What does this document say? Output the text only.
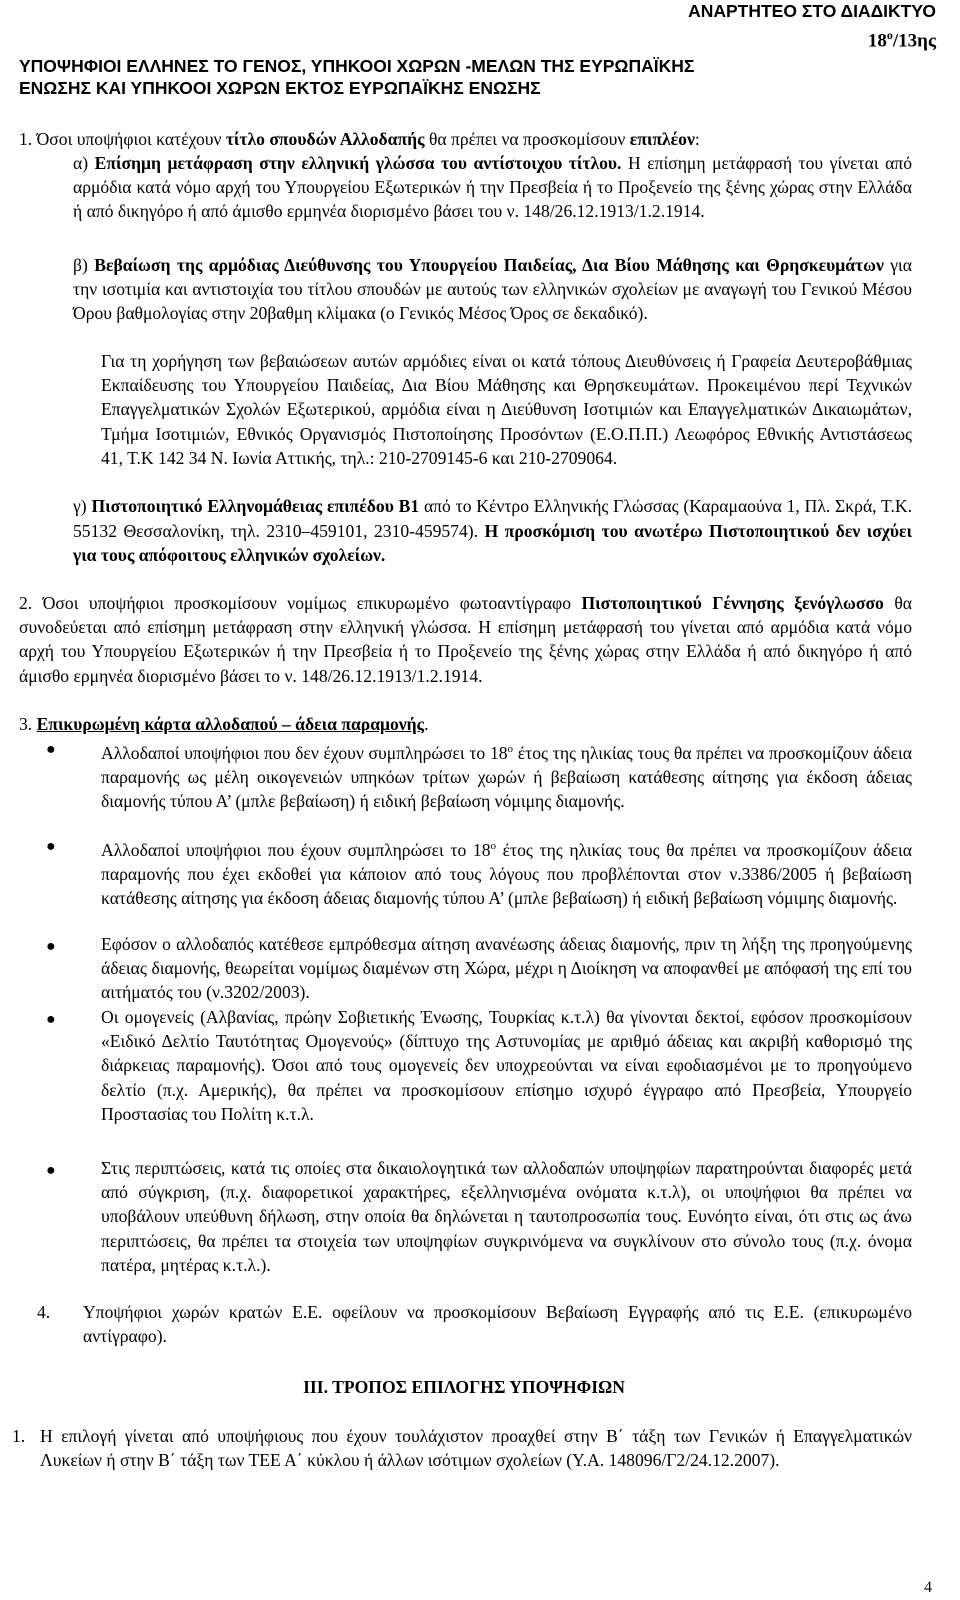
ΑΝΑΡΤΗΤΕΟ ΣΤΟ ΔΙΑΔΙΚΤΥΟ
$18^o/13\eta\varsigma$
ΥΠΟΨΗΦΙΟΙ ΕΛΛΗΝΕΣ ΤΟ ΓΕΝΟΣ, ΥΠΗΚΟΟΙ ΧΩΡΩΝ -ΜΕΛΩΝ ΤΗΣ ΕΥΡΩΠΑΪΚΗΣ
ΕΝΩΣΗΣ ΚΑΙ ΥΠΗΚΟΟΙ ΧΩΡΩΝ ΕΚΤΟΣ ΕΥΡΩΠΑΪΚΗΣ ΕΝΩΣΗΣ
1. Όσοι υποψήφιοι κατέχουν τίτλο σπουδών Αλλοδαπής θα πρέπει να προσκομίσουν επιπλέον:
α) Επίσημη μετάφραση στην ελληνική γλώσσα του αντίστοιχου τίτλου. Η επίσημη μετάφρασή του γίνεται από αρμόδια κατά νόμο αρχή του Υπουργείου Εξωτερικών ή την Πρεσβεία ή το Προξενείο της ξένης χώρας στην Ελλάδα ή από δικηγόρο ή από άμισθο ερμηνέα διορισμένο βάσει του ν. 148/26.12.1913/1.2.1914.
β) Βεβαίωση της αρμόδιας Διεύθυνσης του Υπουργείου Παιδείας, Δια Βίου Μάθησης και Θρησκευμάτων για την ισοτιμία και αντιστοιχία του τίτλου σπουδών με αυτούς των ελληνικών σχολείων με αναγωγή του Γενικού Μέσου Όρου βαθμολογίας στην 20βαθμη κλίμακα (ο Γενικός Μέσος Όρος σε δεκαδικό).
Για τη χορήγηση των βεβαιώσεων αυτών αρμόδιες είναι οι κατά τόπους Διευθύνσεις ή Γραφεία Δευτεροβάθμιας Εκπαίδευσης του Υπουργείου Παιδείας, Δια Βίου Μάθησης και Θρησκευμάτων. Προκειμένου περί Τεχνικών Επαγγελματικών Σχολών Εξωτερικού, αρμόδια είναι η Διεύθυνση Ισοτιμιών και Επαγγελματικών Δικαιωμάτων, Τμήμα Ισοτιμιών, Εθνικός Οργανισμός Πιστοποίησης Προσόντων (Ε.Ο.Π.Π.) Λεωφόρος Εθνικής Αντιστάσεως 41, Τ.Κ 142 34 Ν. Ιωνία Αττικής, τηλ.: 210-2709145-6 και 210-2709064.
γ) Πιστοποιητικό Ελληνομάθειας επιπέδου Β1 από το Κέντρο Ελληνικής Γλώσσας (Καραμαούνα 1, Πλ. Σκρά, Τ.Κ. 55132 Θεσσαλονίκη, τηλ. 2310–459101, 2310-459574). Η προσκόμιση του ανωτέρω Πιστοποιητικού δεν ισχύει για τους απόφοιτους ελληνικών σχολείων.
2. Όσοι υποψήφιοι προσκομίσουν νομίμως επικυρωμένο φωτοαντίγραφο Πιστοποιητικού Γέννησης ξενόγλωσσο θα συνοδεύεται από επίσημη μετάφραση στην ελληνική γλώσσα. Η επίσημη μετάφρασή του γίνεται από αρμόδια κατά νόμο αρχή του Υπουργείου Εξωτερικών ή την Πρεσβεία ή το Προξενείο της ξένης χώρας στην Ελλάδα ή από δικηγόρο ή από άμισθο ερμηνέα διορισμένο βάσει το ν. 148/26.12.1913/1.2.1914.
3. Επικυρωμένη κάρτα αλλοδαπού – άδεια παραμονής.
●	Αλλοδαποί υποψήφιοι που δεν έχουν συμπληρώσει το $18^o$ έτος της ηλικίας τους θα πρέπει να προσκομίζουν άδεια παραμονής ως μέλη οικογενειών υπηκόων τρίτων χωρών ή βεβαίωση κατάθεσης αίτησης για έκδοση άδειας διαμονής τύπου Α’ (μπλε βεβαίωση) ή ειδική βεβαίωση νόμιμης διαμονής.
●	Αλλοδαποί υποψήφιοι που έχουν συμπληρώσει το $18^o$ έτος της ηλικίας τους θα πρέπει να προσκομίζουν άδεια παραμονής που έχει εκδοθεί για κάποιον από τους λόγους που προβλέπονται στον ν.3386/2005 ή βεβαίωση κατάθεσης αίτησης για έκδοση άδειας διαμονής τύπου Α’ (μπλε βεβαίωση) ή ειδική βεβαίωση νόμιμης διαμονής.
●	Εφόσον ο αλλοδαπός κατέθεσε εμπρόθεσμα αίτηση ανανέωσης άδειας διαμονής, πριν τη λήξη της προηγούμενης άδειας διαμονής, θεωρείται νομίμως διαμένων στη Χώρα, μέχρι η Διοίκηση να αποφανθεί με απόφασή της επί του αιτήματός του (ν.3202/2003).
●	Οι ομογενείς (Αλβανίας, πρώην Σοβιετικής Ένωσης, Τουρκίας κ.τ.λ) θα γίνονται δεκτοί, εφόσον προσκομίσουν «Ειδικό Δελτίο Ταυτότητας Ομογενούς» (δίπτυχο της Αστυνομίας με αριθμό άδειας και ακριβή καθορισμό της διάρκειας παραμονής). Όσοι από τους ομογενείς δεν υποχρεούνται να είναι εφοδιασμένοι με το προηγούμενο δελτίο (π.χ. Αμερικής), θα πρέπει να προσκομίσουν επίσημο ισχυρό έγγραφο από Πρεσβεία, Υπουργείο Προστασίας του Πολίτη κ.τ.λ.
●	Στις περιπτώσεις, κατά τις οποίες στα δικαιολογητικά των αλλοδαπών υποψηφίων παρατηρούνται διαφορές μετά από σύγκριση, (π.χ. διαφορετικοί χαρακτήρες, εξελληνισμένα ονόματα κ.τ.λ), οι υποψήφιοι θα πρέπει να υποβάλουν υπεύθυνη δήλωση, στην οποία θα δηλώνεται η ταυτοπροσωπία τους. Ευνόητο είναι, ότι στις ως άνω περιπτώσεις, θα πρέπει τα στοιχεία των υποψηφίων συγκρινόμενα να συγκλίνουν στο σύνολο τους (π.χ. όνομα πατέρα, μητέρας κ.τ.λ.).
4. Υποψήφιοι χωρών κρατών Ε.Ε. οφείλουν να προσκομίσουν Βεβαίωση Εγγραφής από τις Ε.Ε. (επικυρωμένο αντίγραφο).
ΙΙΙ. ΤΡΟΠΟΣ ΕΠΙΛΟΓΗΣ ΥΠΟΨΗΦΙΩΝ
1. Η επιλογή γίνεται από υποψήφιους που έχουν τουλάχιστον προαχθεί στην Β΄ τάξη των Γενικών ή Επαγγελματικών Λυκείων ή στην Β΄ τάξη των ΤΕΕ Α΄ κύκλου ή άλλων ισότιμων σχολείων (Υ.Α. 148096/Γ2/24.12.2007).
4
